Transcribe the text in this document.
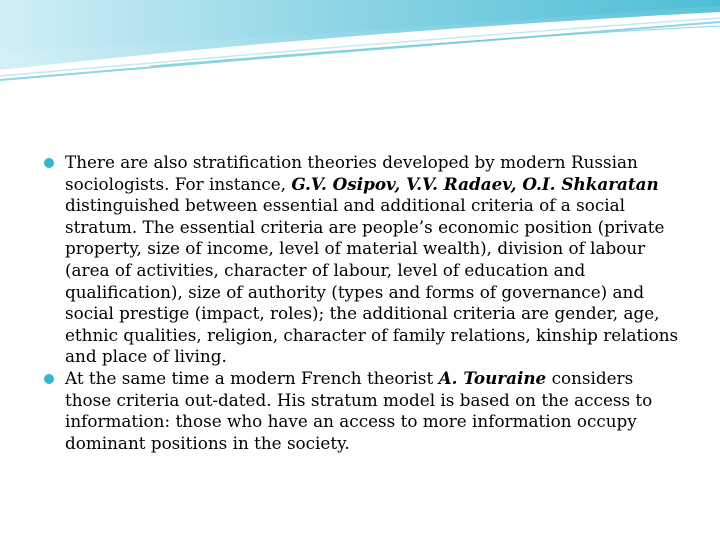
There are also stratification theories developed by modern Russian sociologists. For instance, G.V. Osipov, V.V. Radaev, O.I. Shkaratan distinguished between essential and additional criteria of a social stratum. The essential criteria are people’s economic position (private property, size of income, level of material wealth), division of labour (area of activities, character of labour, level of education and qualification), size of authority (types and forms of governance) and social prestige (impact, roles); the additional criteria are gender, age, ethnic qualities, religion, character of family relations, kinship relations and place of living.

At the same time a modern French theorist A. Touraine considers those criteria out-dated. His stratum model is based on the access to information: those who have an access to more information occupy dominant positions in the society.
